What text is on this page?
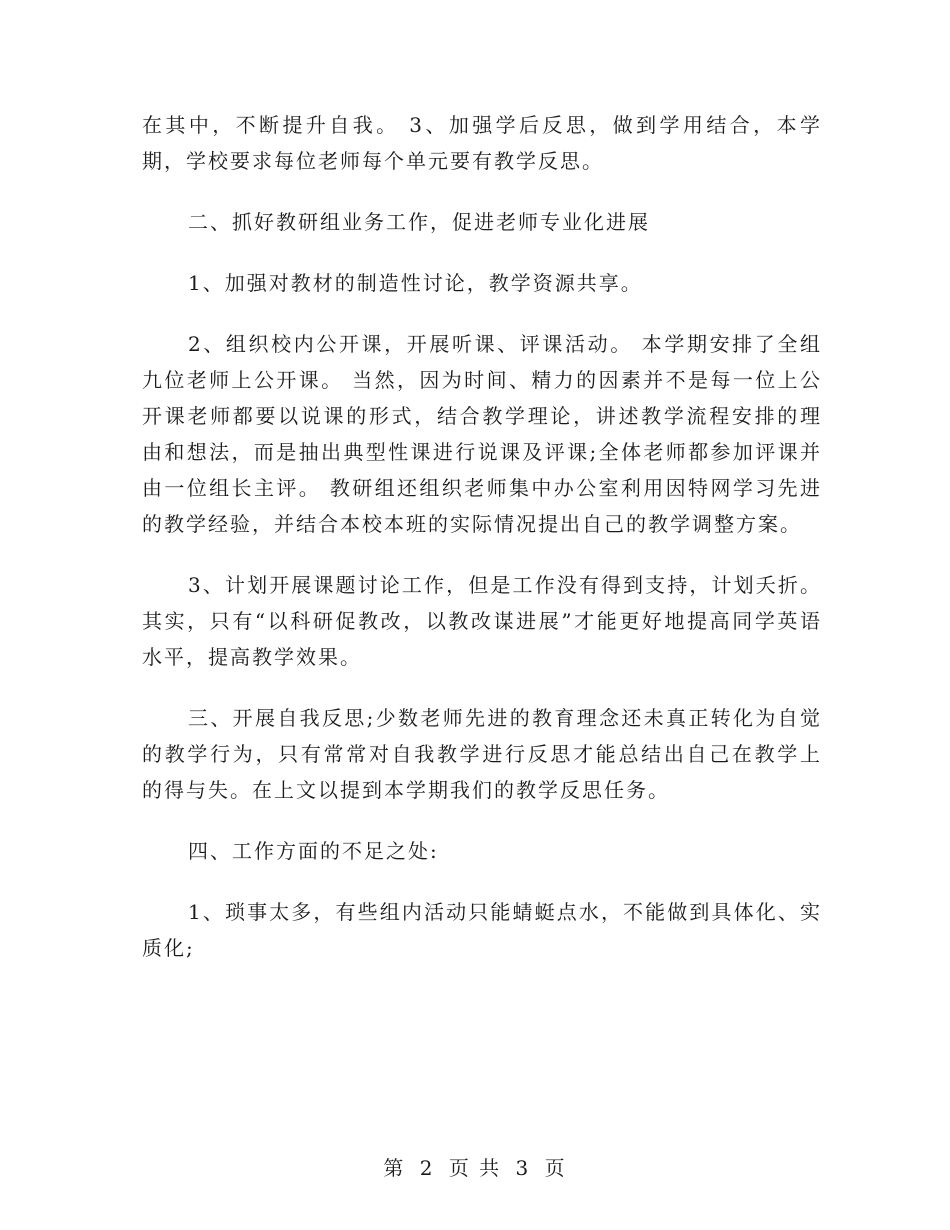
在其中，不断提升自我。 3、加强学后反思，做到学用结合，本学期，学校要求每位老师每个单元要有教学反思。

二、抓好教研组业务工作，促进老师专业化进展

1、加强对教材的制造性讨论，教学资源共享。

2、组织校内公开课，开展听课、评课活动。 本学期安排了全组九位老师上公开课。 当然，因为时间、精力的因素并不是每一位上公开课老师都要以说课的形式，结合教学理论，讲述教学流程安排的理由和想法，而是抽出典型性课进行说课及评课;全体老师都参加评课并由一位组长主评。 教研组还组织老师集中办公室利用因特网学习先进的教学经验，并结合本校本班的实际情况提出自己的教学调整方案。

3、计划开展课题讨论工作，但是工作没有得到支持，计划夭折。其实，只有“以科研促教改，以教改谋进展”才能更好地提高同学英语水平，提高教学效果。

三、开展自我反思;少数老师先进的教育理念还未真正转化为自觉的教学行为，只有常常对自我教学进行反思才能总结出自己在教学上的得与失。在上文以提到本学期我们的教学反思任务。

四、工作方面的不足之处:

1、琐事太多，有些组内活动只能蜻蜓点水，不能做到具体化、实质化;

第 2 页 共 3 页
